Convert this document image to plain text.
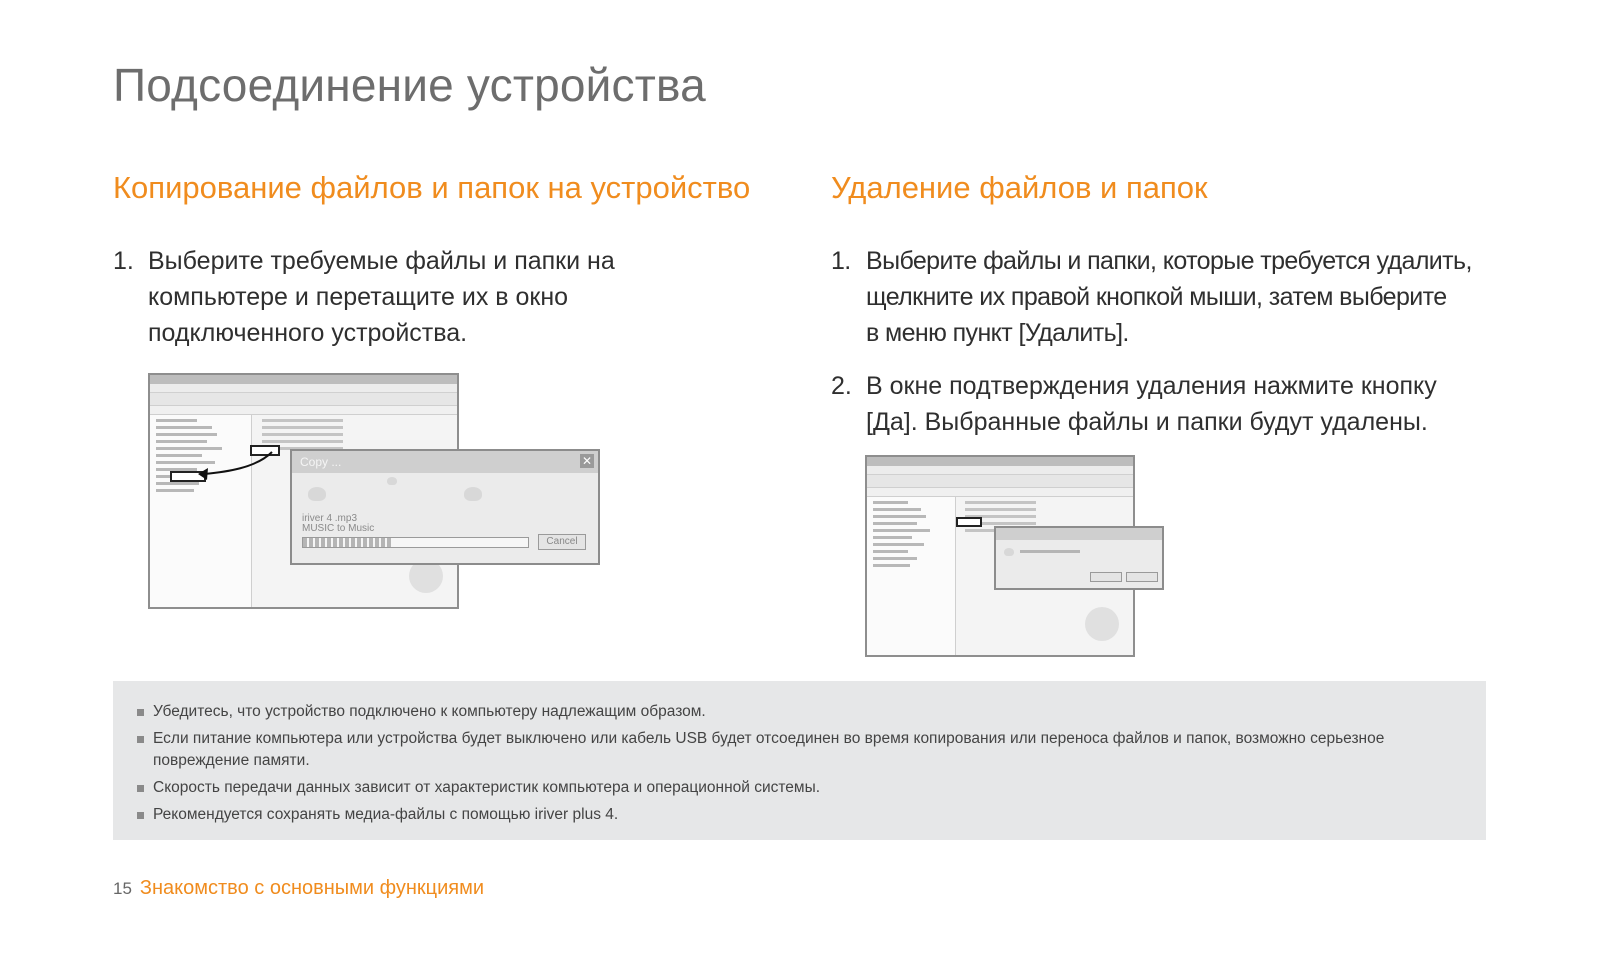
Подсоединение устройства
Копирование файлов и папок на устройство	Удаление файлов и папок
1. Выберите требуемые файлы и папки на
компьютере и перетащите их в окно
подключенного устройства.
1. Выберите файлы и папки, которые требуется удалить,
щелкните их правой кнопкой мыши, затем выберите
в меню пункт [Удалить].
2. В окне подтверждения удаления нажмите кнопку
[Да]. Выбранные файлы и папки будут удалены.
Copy ...	✕
iriver 4 .mp3
MUSIC to Music
Cancel
Убедитесь, что устройство подключено к компьютеру надлежащим образом.
Если питание компьютера или устройства будет выключено или кабель USB будет отсоединен во время копирования или переноса файлов и папок, возможно серьезное повреждение памяти.
Скорость передачи данных зависит от характеристик компьютера и операционной системы.
Рекомендуется сохранять медиа-файлы с помощью iriver plus 4.
15 Знакомство с основными функциями
